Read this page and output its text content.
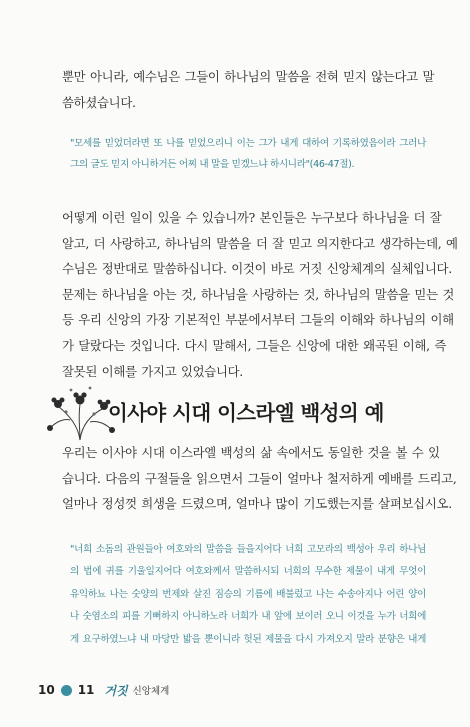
뿐만 아니라, 예수님은 그들이 하나님의 말씀을 전혀 믿지 않는다고 말
씀하셨습니다.
"모세를 믿었더라면 또 나를 믿었으리니 이는 그가 내게 대하여 기록하였음이라 그러나
그의 글도 믿지 아니하거든 어찌 내 말을 믿겠느냐 하시니라"(46-47절).
어떻게 이런 일이 있을 수 있습니까? 본인들은 누구보다 하나님을 더 잘
알고, 더 사랑하고, 하나님의 말씀을 더 잘 믿고 의지한다고 생각하는데, 예
수님은 정반대로 말씀하십니다. 이것이 바로 거짓 신앙체계의 실체입니다.
문제는 하나님을 아는 것, 하나님을 사랑하는 것, 하나님의 말씀을 믿는 것
등 우리 신앙의 가장 기본적인 부분에서부터 그들의 이해와 하나님의 이해
가 달랐다는 것입니다. 다시 말해서, 그들은 신앙에 대한 왜곡된 이해, 즉
잘못된 이해를 가지고 있었습니다.
이사야 시대 이스라엘 백성의 예
우리는 이사야 시대 이스라엘 백성의 삶 속에서도 동일한 것을 볼 수 있
습니다. 다음의 구절들을 읽으면서 그들이 얼마나 철저하게 예배를 드리고,
얼마나 정성껏 희생을 드렸으며, 얼마나 많이 기도했는지를 살펴보십시오.
"너희 소돔의 관원들아 여호와의 말씀을 들을지어다 너희 고모라의 백성아 우리 하나님
의 법에 귀를 기울일지어다 여호와께서 말씀하시되 너희의 무수한 제물이 내게 무엇이
유익하뇨 나는 숫양의 번제와 살진 짐승의 기름에 배불렀고 나는 수송아지나 어린 양이
나 숫염소의 피를 기뻐하지 아니하노라 너희가 내 앞에 보이러 오니 이것을 누가 너희에
게 요구하였느냐 내 마당만 밟을 뿐이니라 헛된 제물을 다시 가져오지 말라 분향은 내게
10 11 거짓 신앙체계
